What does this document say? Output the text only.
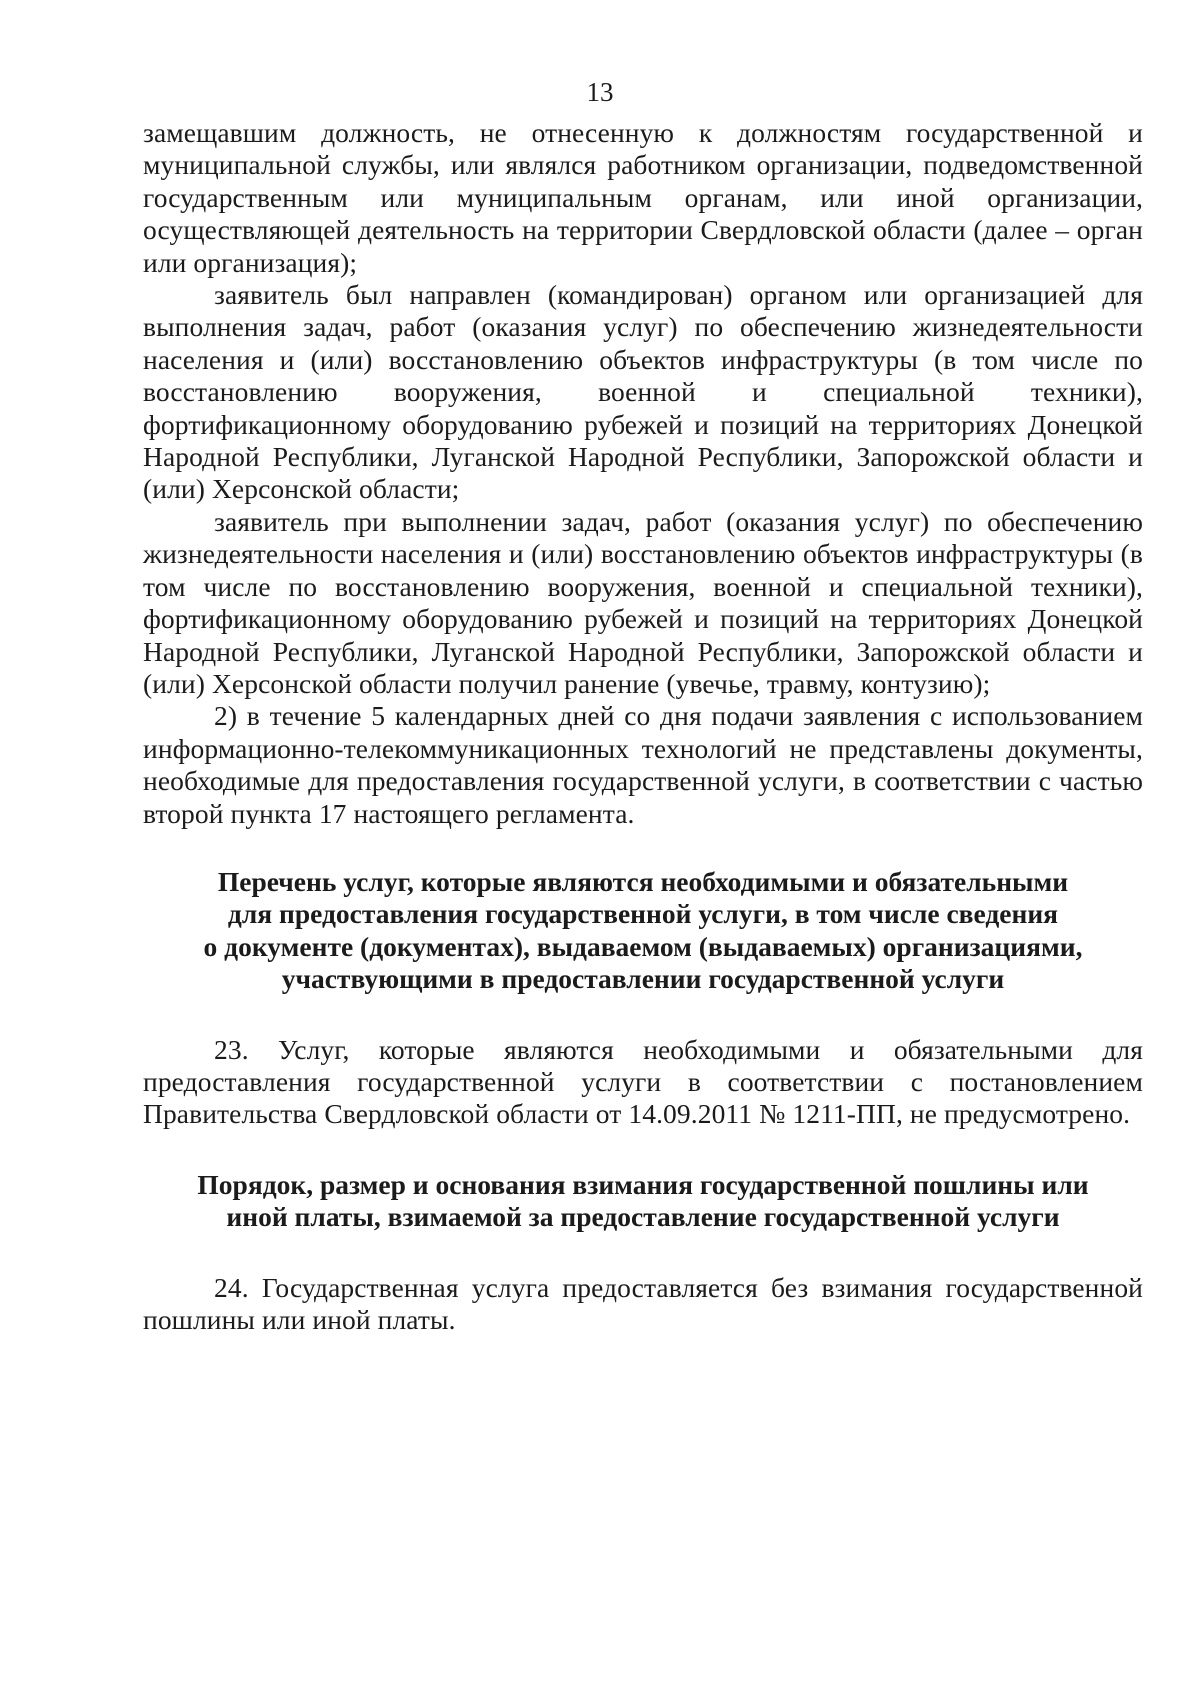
13

замещавшим должность, не отнесенную к должностям государственной и муниципальной службы, или являлся работником организации, подведомственной государственным или муниципальным органам, или иной организации, осуществляющей деятельность на территории Свердловской области (далее – орган или организация);

заявитель был направлен (командирован) органом или организацией для выполнения задач, работ (оказания услуг) по обеспечению жизнедеятельности населения и (или) восстановлению объектов инфраструктуры (в том числе по восстановлению вооружения, военной и специальной техники), фортификационному оборудованию рубежей и позиций на территориях Донецкой Народной Республики, Луганской Народной Республики, Запорожской области и (или) Херсонской области;

заявитель при выполнении задач, работ (оказания услуг) по обеспечению жизнедеятельности населения и (или) восстановлению объектов инфраструктуры (в том числе по восстановлению вооружения, военной и специальной техники), фортификационному оборудованию рубежей и позиций на территориях Донецкой Народной Республики, Луганской Народной Республики, Запорожской области и (или) Херсонской области получил ранение (увечье, травму, контузию);

2) в течение 5 календарных дней со дня подачи заявления с использованием информационно-телекоммуникационных технологий не представлены документы, необходимые для предоставления государственной услуги, в соответствии с частью второй пункта 17 настоящего регламента.

Перечень услуг, которые являются необходимыми и обязательными

для предоставления государственной услуги, в том числе сведения

о документе (документах), выдаваемом (выдаваемых) организациями,

участвующими в предоставлении государственной услуги

23. Услуг, которые являются необходимыми и обязательными для предоставления государственной услуги в соответствии с постановлением Правительства Свердловской области от 14.09.2011 № 1211-ПП, не предусмотрено.

Порядок, размер и основания взимания государственной пошлины или

иной платы, взимаемой за предоставление государственной услуги

24. Государственная услуга предоставляется без взимания государственной пошлины или иной платы.
